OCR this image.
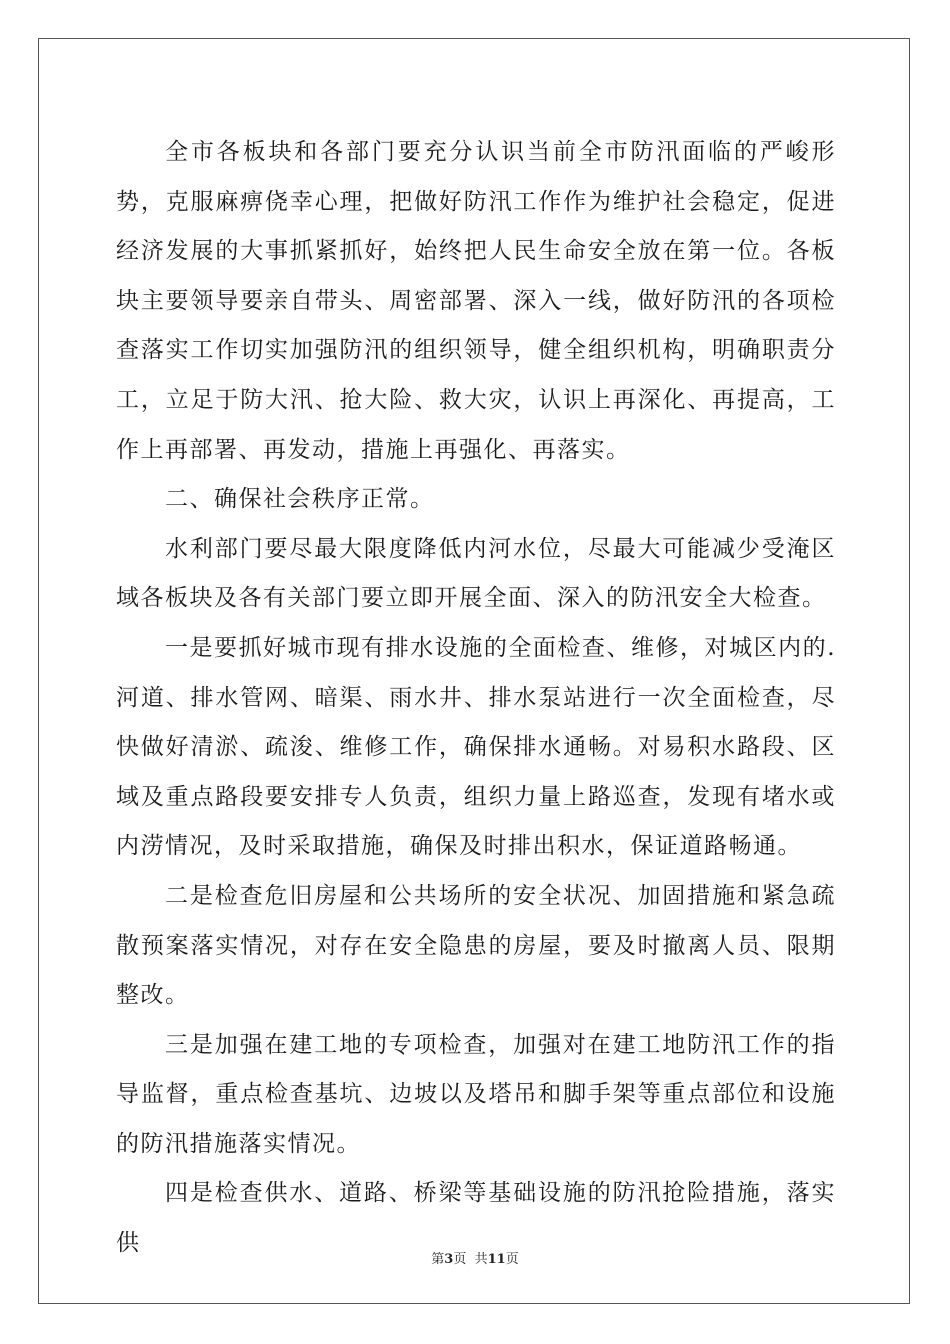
全市各板块和各部门要充分认识当前全市防汛面临的严峻形势，克服麻痹侥幸心理，把做好防汛工作作为维护社会稳定，促进经济发展的大事抓紧抓好，始终把人民生命安全放在第一位。各板块主要领导要亲自带头、周密部署、深入一线，做好防汛的各项检查落实工作切实加强防汛的组织领导，健全组织机构，明确职责分工，立足于防大汛、抢大险、救大灾，认识上再深化、再提高，工作上再部署、再发动，措施上再强化、再落实。

二、确保社会秩序正常。

水利部门要尽最大限度降低内河水位，尽最大可能减少受淹区域各板块及各有关部门要立即开展全面、深入的防汛安全大检查。

一是要抓好城市现有排水设施的全面检查、维修，对城区内的.河道、排水管网、暗渠、雨水井、排水泵站进行一次全面检查，尽快做好清淤、疏浚、维修工作，确保排水通畅。对易积水路段、区域及重点路段要安排专人负责，组织力量上路巡查，发现有堵水或内涝情况，及时采取措施，确保及时排出积水，保证道路畅通。

二是检查危旧房屋和公共场所的安全状况、加固措施和紧急疏散预案落实情况，对存在安全隐患的房屋，要及时撤离人员、限期整改。

三是加强在建工地的专项检查，加强对在建工地防汛工作的指导监督，重点检查基坑、边坡以及塔吊和脚手架等重点部位和设施的防汛措施落实情况。

四是检查供水、道路、桥梁等基础设施的防汛抢险措施，落实供

第3页  共11页
